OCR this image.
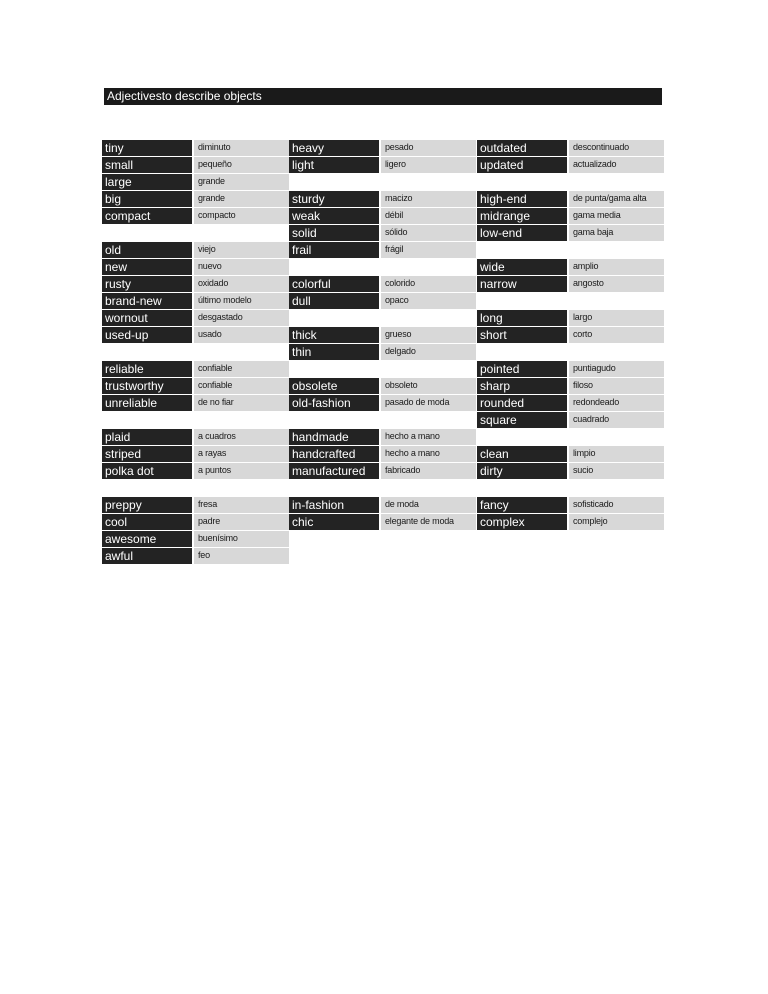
Adjectivesto describe objects
tiny	diminuto
small	pequeño
large	grande
big	grande
compact	compacto
old	viejo
new	nuevo
rusty	oxidado
brand-new	último modelo
wornout	desgastado
used-up	usado
reliable	confiable
trustworthy	confiable
unreliable	de no fiar
plaid	a cuadros
striped	a rayas
polka dot	a puntos
preppy	fresa
cool	padre
awesome	buenísimo
awful	feo
heavy	pesado
light	ligero
sturdy	macizo
weak	débil
solid	sólido
frail	frágil
colorful	colorido
dull	opaco
thick	grueso
thin	delgado
obsolete	obsoleto
old-fashion	pasado de moda
handmade	hecho a mano
handcrafted	hecho a mano
manufactured	fabricado
in-fashion	de moda
chic	elegante de moda
outdated	descontinuado
updated	actualizado
high-end	de punta/gama alta
midrange	gama media
low-end	gama baja
wide	amplio
narrow	angosto
long	largo
short	corto
pointed	puntiagudo
sharp	filoso
rounded	redondeado
square	cuadrado
clean	limpio
dirty	sucio
fancy	sofisticado
complex	complejo
